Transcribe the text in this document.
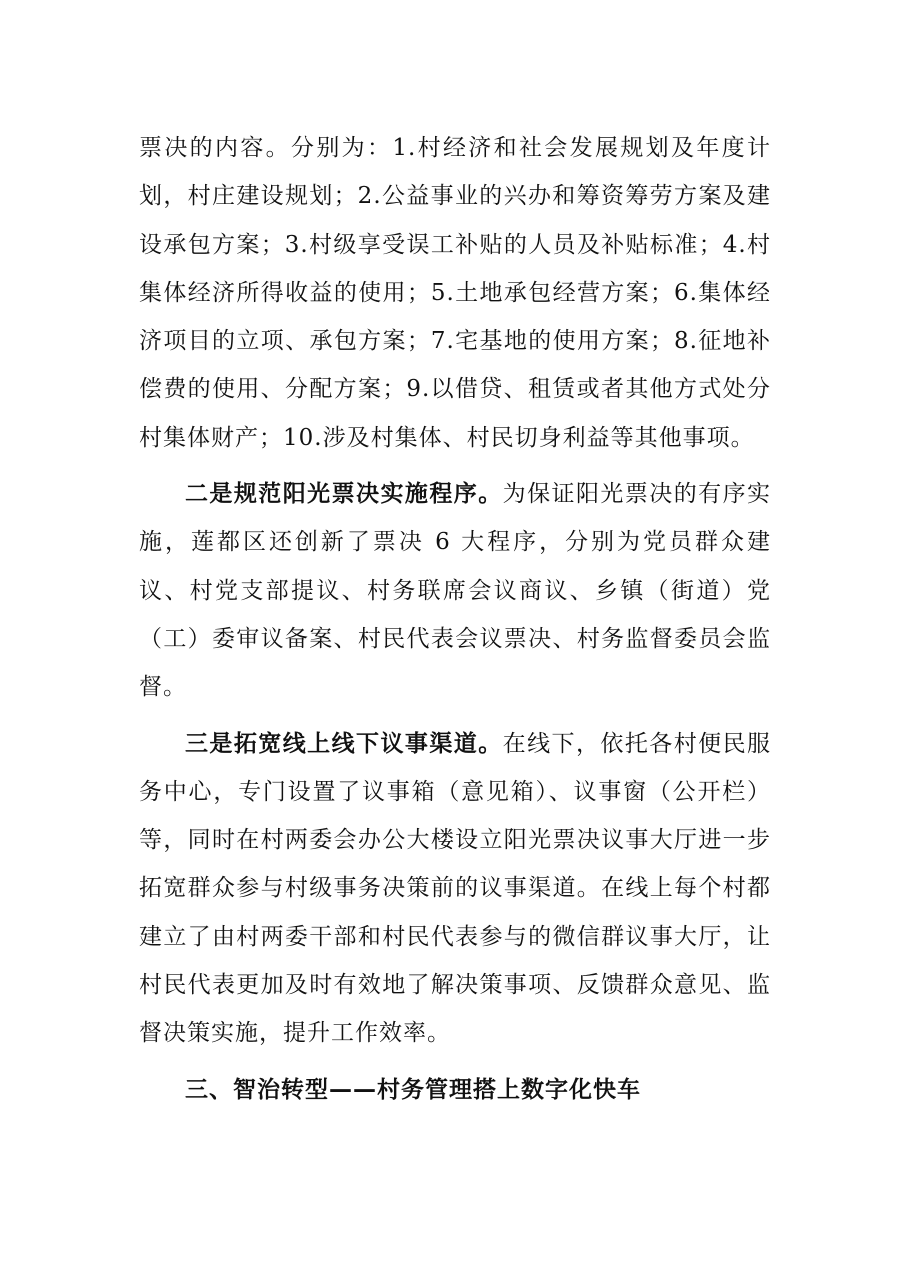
票决的内容。分别为：1.村经济和社会发展规划及年度计划，村庄建设规划；2.公益事业的兴办和筹资筹劳方案及建设承包方案；3.村级享受误工补贴的人员及补贴标准；4.村集体经济所得收益的使用；5.土地承包经营方案；6.集体经济项目的立项、承包方案；7.宅基地的使用方案；8.征地补偿费的使用、分配方案；9.以借贷、租赁或者其他方式处分村集体财产；10.涉及村集体、村民切身利益等其他事项。

二是规范阳光票决实施程序。为保证阳光票决的有序实施，莲都区还创新了票决 6 大程序，分别为党员群众建议、村党支部提议、村务联席会议商议、乡镇（街道）党（工）委审议备案、村民代表会议票决、村务监督委员会监督。

三是拓宽线上线下议事渠道。在线下，依托各村便民服务中心，专门设置了议事箱（意见箱）、议事窗（公开栏）等，同时在村两委会办公大楼设立阳光票决议事大厅进一步拓宽群众参与村级事务决策前的议事渠道。在线上每个村都建立了由村两委干部和村民代表参与的微信群议事大厅，让村民代表更加及时有效地了解决策事项、反馈群众意见、监督决策实施，提升工作效率。

三、智治转型——村务管理搭上数字化快车
